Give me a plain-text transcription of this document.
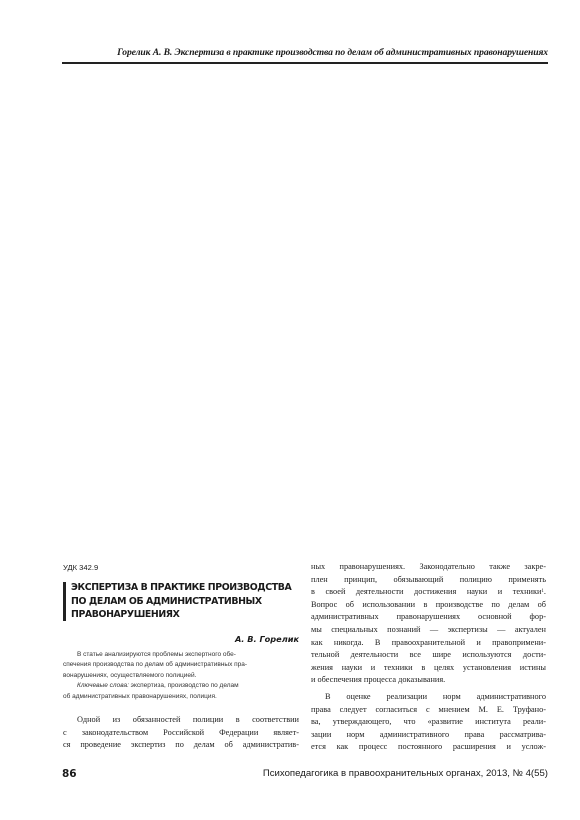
Горелик А. В. Экспертиза в практике производства по делам об административных правонарушениях
УДК 342.9
ЭКСПЕРТИЗА В ПРАКТИКЕ ПРОИЗВОДСТВА
ПО ДЕЛАМ ОБ АДМИНИСТРАТИВНЫХ
ПРАВОНАРУШЕНИЯХ
А. В. Горелик
В статье анализируются проблемы экспертного обе-
спечения производства по делам об административных пра-
вонарушениях, осуществляемого полицией.
Ключевые слова: экспертиза, производство по делам
об административных правонарушениях, полиция.
Одной из обязанностей полиции в соответствии
с законодательством Российской Федерации являет-
ся проведение экспертиз по делам об административ-
ных правонарушениях. Законодательно также закре-
плен принцип, обязывающий полицию применять
в своей деятельности достижения науки и техники$^1$.
Вопрос об использовании в производстве по делам об
административных правонарушениях основной фор-
мы специальных познаний — экспертизы — актуален
как никогда. В правоохранительной и правопримени-
тельной деятельности все шире используются дости-
жения науки и техники в целях установления истины
и обеспечения процесса доказывания.
В оценке реализации норм административного
права следует согласиться с мнением М. Е. Труфано-
ва, утверждающего, что «развитие института реали-
зации норм административного права рассматрива-
ется как процесс постоянного расширения и услож-
86	Психопедагогика в правоохранительных органах, 2013, № 4(55)
